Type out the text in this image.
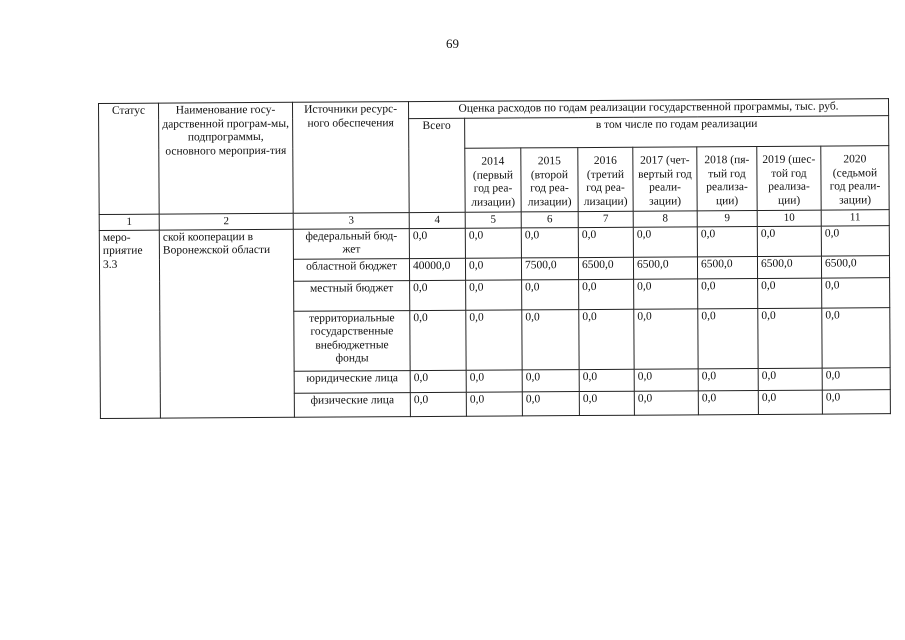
69
Статус	Наименование госу-дарственной програм-мы, подпрограммы, основного мероприя-тия	Источники ресурс-ного обеспечения	Оценка расходов по годам реализации государственной программы, тыс. руб.							
			Всего	в том числе по годам реализации						
				2014 (первый год реа-лизации)	2015 (второй год реа-лизации)	2016 (третий год реа-лизации)	2017 (чет-вертый год реали-зации)	2018 (пя-тый год реализа-ции)	2019 (шес-той год реализа-ции)	2020 (седьмой год реали-зации)
1	2	3	4	5	6	7	8	9	10	11
меро-приятие 3.3	ской кооперации в Воронежской области	федеральный бюд-жет	0,0	0,0	0,0	0,0	0,0	0,0	0,0	0,0
		областной бюджет	40000,0	0,0	7500,0	6500,0	6500,0	6500,0	6500,0	6500,0
		местный бюджет	0,0	0,0	0,0	0,0	0,0	0,0	0,0	0,0
		территориальные государственные внебюджетные фонды	0,0	0,0	0,0	0,0	0,0	0,0	0,0	0,0
		юридические лица	0,0	0,0	0,0	0,0	0,0	0,0	0,0	0,0
		физические лица	0,0	0,0	0,0	0,0	0,0	0,0	0,0	0,0
